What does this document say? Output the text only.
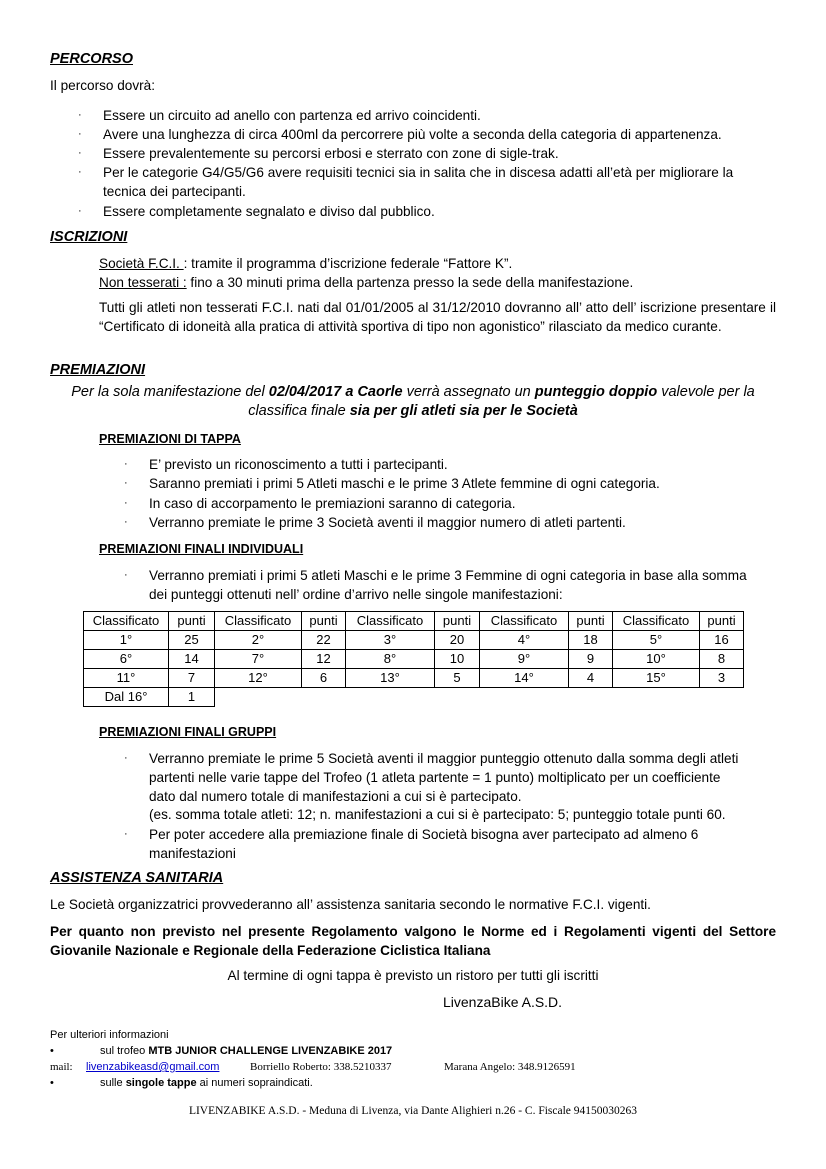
PERCORSO
Il percorso dovrà:
· Essere un circuito ad anello con partenza ed arrivo coincidenti.
· Avere una lunghezza di circa 400ml da percorrere più volte a seconda della categoria di appartenenza.
· Essere prevalentemente su percorsi erbosi e sterrato con zone di sigle-trak.
· Per le categorie G4/G5/G6 avere requisiti tecnici sia in salita che in discesa adatti all’età per migliorare la
tecnica dei partecipanti.
· Essere completamente segnalato e diviso dal pubblico.
ISCRIZIONI
Società F.C.I. : tramite il programma d’iscrizione federale “Fattore K”.
Non tesserati : fino a 30 minuti prima della partenza presso la sede della manifestazione.
Tutti gli atleti non tesserati F.C.I. nati dal 01/01/2005 al 31/12/2010 dovranno all’ atto dell’ iscrizione presentare il “Certificato di idoneità alla pratica di attività sportiva di tipo non agonistico” rilasciato da medico curante.
PREMIAZIONI
Per la sola manifestazione del 02/04/2017 a Caorle verrà assegnato un punteggio doppio valevole per la
classifica finale sia per gli atleti sia per le Società
PREMIAZIONI DI TAPPA
· E’ previsto un riconoscimento a tutti i partecipanti.
· Saranno premiati i primi 5 Atleti maschi e le prime 3 Atlete femmine di ogni categoria.
· In caso di accorpamento le premiazioni saranno di categoria.
· Verranno premiate le prime 3 Società aventi il maggior numero di atleti partenti.
PREMIAZIONI FINALI INDIVIDUALI
· Verranno premiati i primi 5 atleti Maschi e le prime 3 Femmine di ogni categoria in base alla somma
dei punteggi ottenuti nell’ ordine d’arrivo nelle singole manifestazioni:
Classificato	punti	Classificato	punti	Classificato	punti	Classificato	punti	Classificato	punti
1°	25	2°	22	3°	20	4°	18	5°	16
6°	14	7°	12	8°	10	9°	9	10°	8
11°	7	12°	6	13°	5	14°	4	15°	3
Dal 16°	1								
PREMIAZIONI FINALI GRUPPI
· Verranno premiate le prime 5 Società aventi il maggior punteggio ottenuto dalla somma degli atleti
partenti nelle varie tappe del Trofeo (1 atleta partente = 1 punto) moltiplicato per un coefficiente
dato dal numero totale di manifestazioni a cui si è partecipato.
(es. somma totale atleti: 12; n. manifestazioni a cui si è partecipato: 5; punteggio totale punti 60.
· Per poter accedere alla premiazione finale di Società bisogna aver partecipato ad almeno 6
manifestazioni
ASSISTENZA SANITARIA
Le Società organizzatrici provvederanno all’ assistenza sanitaria secondo le normative F.C.I. vigenti.
Per quanto non previsto nel presente Regolamento valgono le Norme ed i Regolamenti vigenti del Settore Giovanile Nazionale e Regionale della Federazione Ciclistica Italiana
Al termine di ogni tappa è previsto un ristoro per tutti gli iscritti
LivenzaBike A.S.D.
Per ulteriori informazioni
•	sul trofeo MTB JUNIOR CHALLENGE LIVENZABIKE 2017
mail: livenzabikeasd@gmail.com	Borriello Roberto: 338.5210337	Marana Angelo: 348.9126591
•	sulle singole tappe ai numeri sopraindicati.
LIVENZABIKE A.S.D. - Meduna di Livenza, via Dante Alighieri n.26 - C. Fiscale 94150030263
